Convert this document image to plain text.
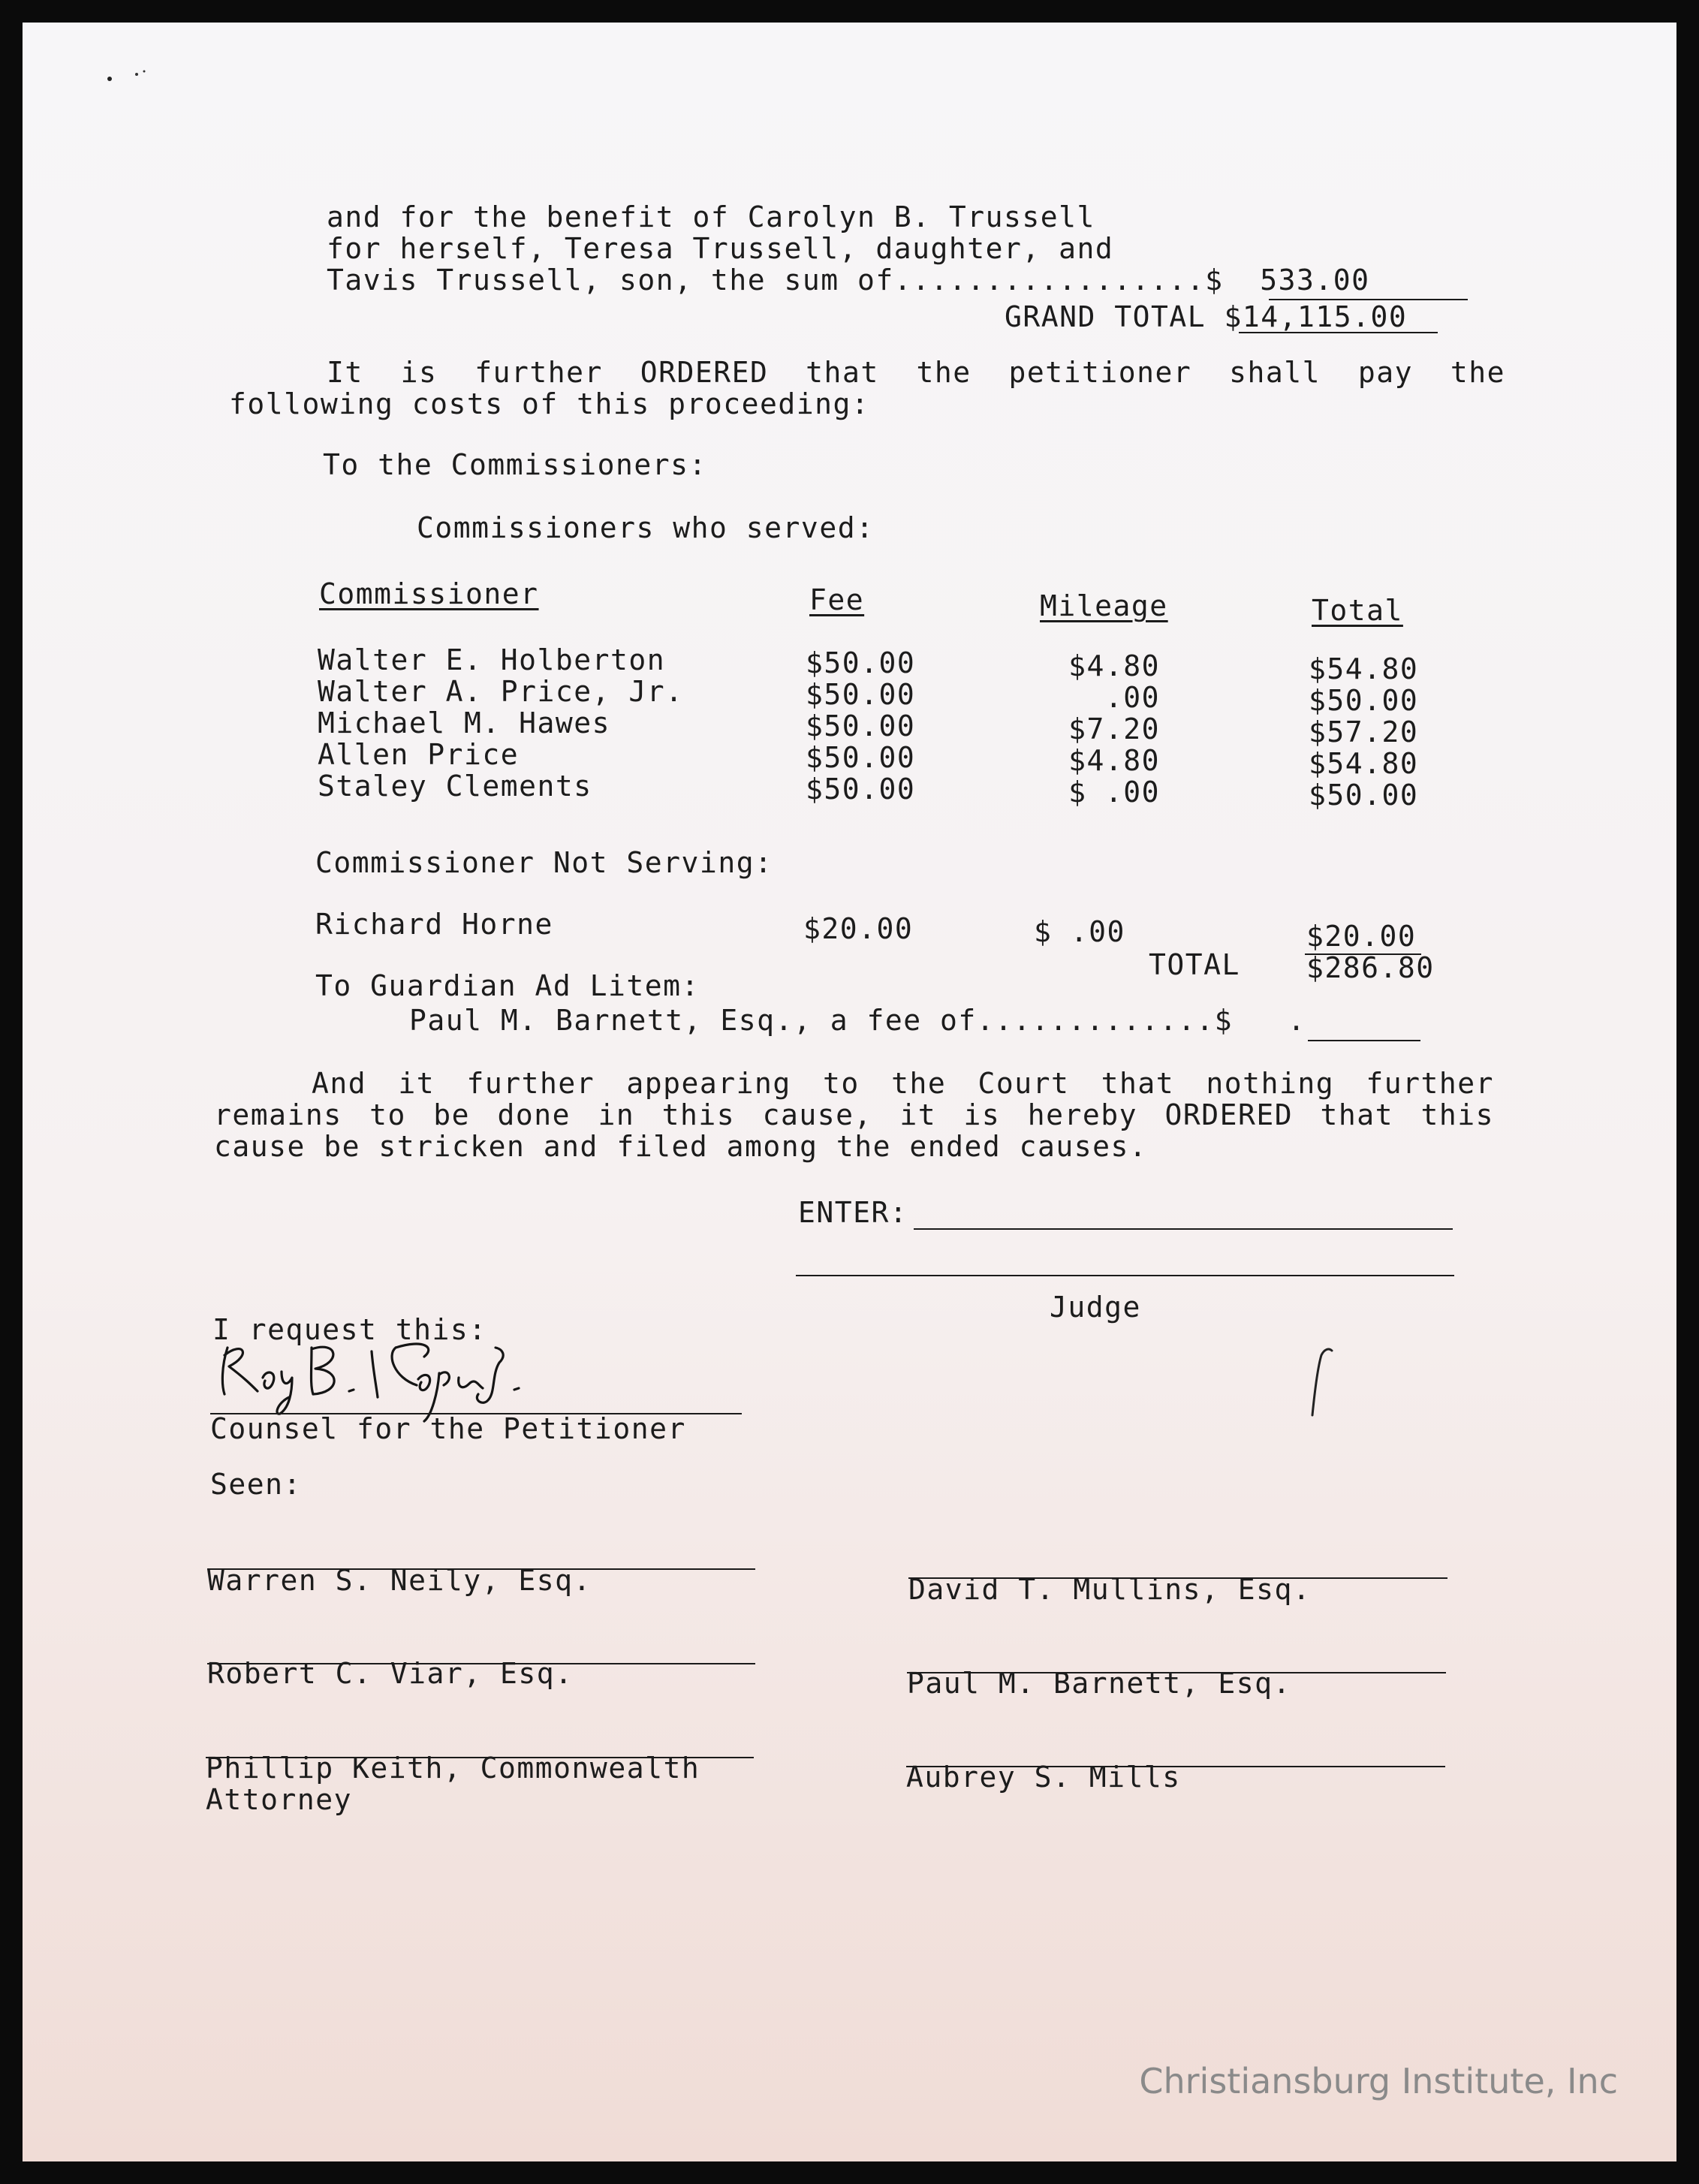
and for the benefit of Carolyn B. Trussell
for herself, Teresa Trussell, daughter, and
Tavis Trussell, son, the sum of.................$  533.00
GRAND TOTAL $14,115.00
It is further ORDERED that the petitioner shall pay the
following costs of this proceeding:
To the Commissioners:
Commissioners who served:
Commissioner	Fee	Mileage	Total
Walter E. Holberton	$50.00	$4.80	$54.80
Walter A. Price, Jr.	$50.00	.00	$50.00
Michael M. Hawes	$50.00	$7.20	$57.20
Allen Price	$50.00	$4.80	$54.80
Staley Clements	$50.00	$ .00	$50.00
Commissioner Not Serving:
Richard Horne	$20.00	$ .00	$20.00
TOTAL $286.80
To Guardian Ad Litem:
Paul M. Barnett, Esq., a fee of.............$   .
And it further appearing to the Court that nothing further
remains to be done in this cause, it is hereby ORDERED that this
cause be stricken and filed among the ended causes.
ENTER:
Judge
I request this:
Counsel for the Petitioner
Seen:
Warren S. Neily, Esq.	David T. Mullins, Esq.
Robert C. Viar, Esq.	Paul M. Barnett, Esq.
Phillip Keith, Commonwealth
Attorney
Aubrey S. Mills
Christiansburg Institute, Inc
